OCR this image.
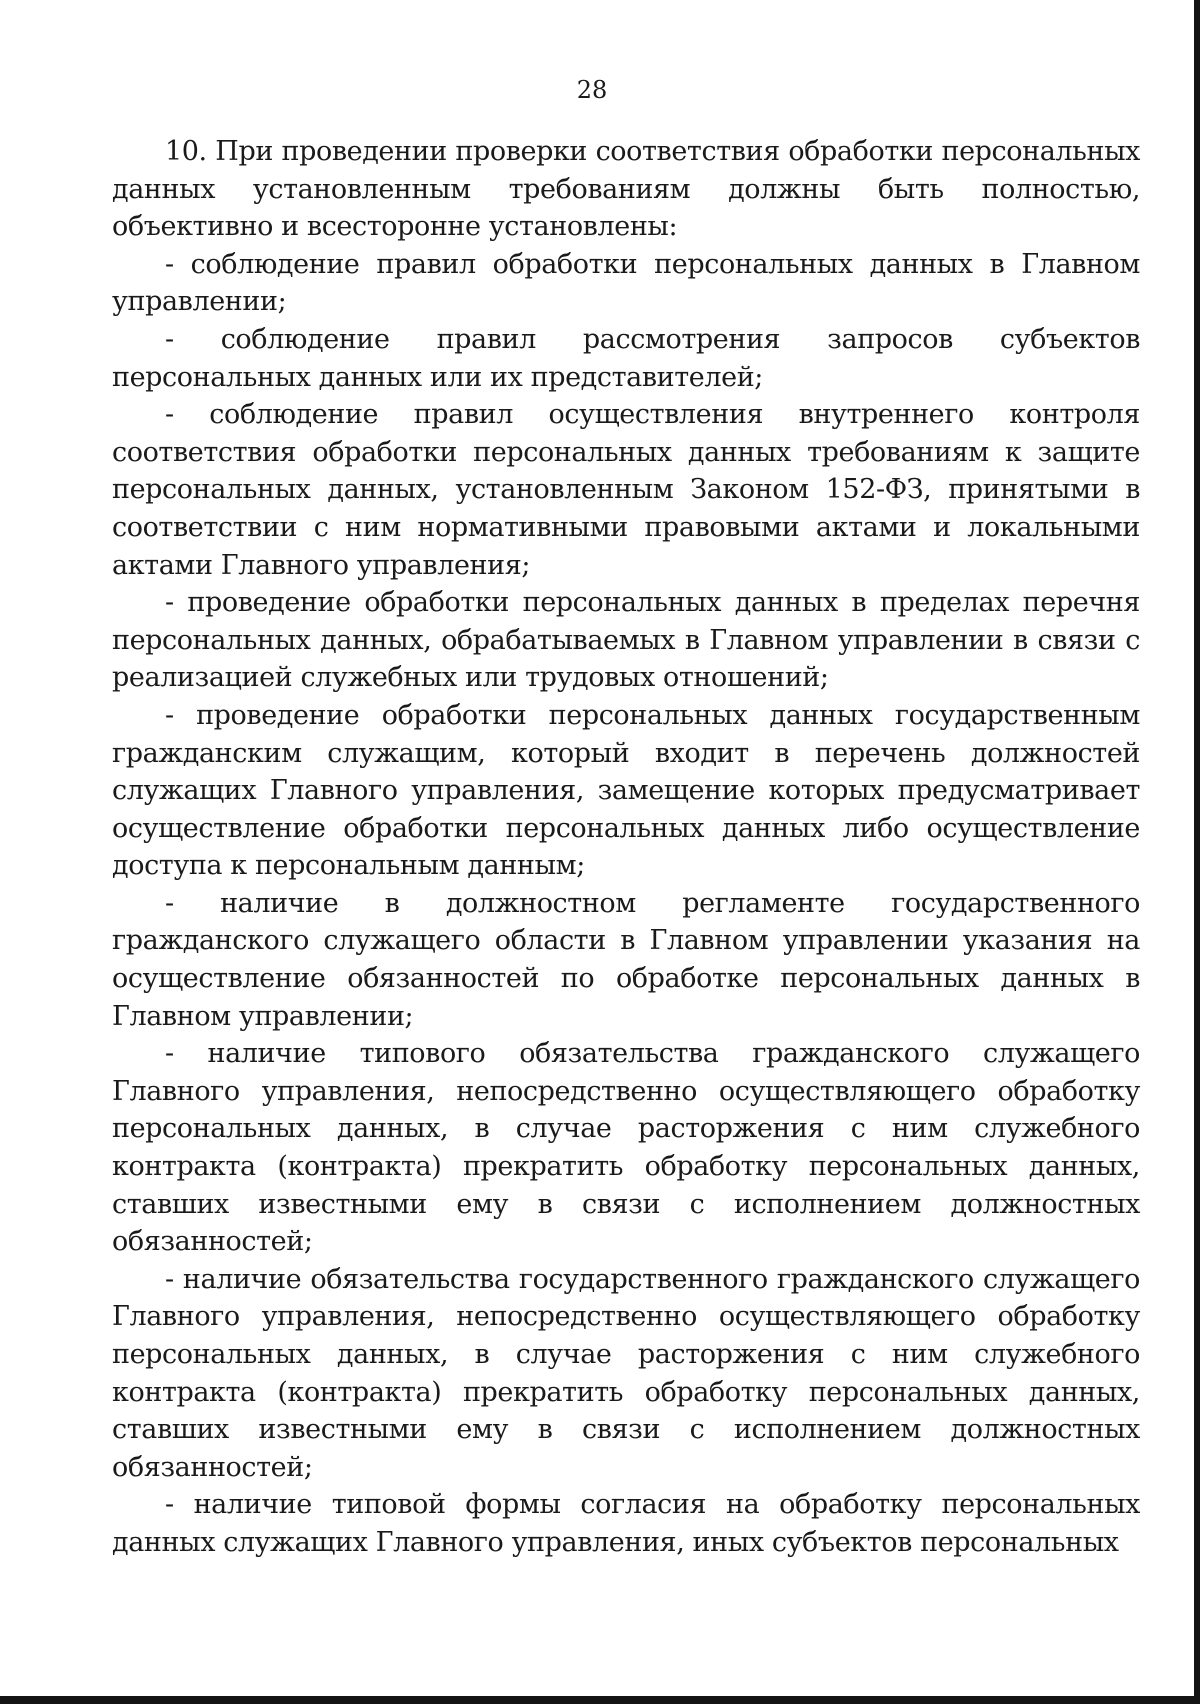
28

10. При проведении проверки соответствия обработки персональных данных установленным требованиям должны быть полностью, объективно и всесторонне установлены:

- соблюдение правил обработки персональных данных в Главном управлении;

- соблюдение правил рассмотрения запросов субъектов персональных данных или их представителей;

- соблюдение правил осуществления внутреннего контроля соответствия обработки персональных данных требованиям к защите персональных данных, установленным Законом 152-ФЗ, принятыми в соответствии с ним нормативными правовыми актами и локальными актами Главного управления;

- проведение обработки персональных данных в пределах перечня персональных данных, обрабатываемых в Главном управлении в связи с реализацией служебных или трудовых отношений;

- проведение обработки персональных данных государственным гражданским служащим, который входит в перечень должностей служащих Главного управления, замещение которых предусматривает осуществление обработки персональных данных либо осуществление доступа к персональным данным;

- наличие в должностном регламенте государственного гражданского служащего области в Главном управлении указания на осуществление обязанностей по обработке персональных данных в Главном управлении;

- наличие типового обязательства гражданского служащего Главного управления, непосредственно осуществляющего обработку персональных данных, в случае расторжения с ним служебного контракта (контракта) прекратить обработку персональных данных, ставших известными ему в связи с исполнением должностных обязанностей;

- наличие обязательства государственного гражданского служащего Главного управления, непосредственно осуществляющего обработку персональных данных, в случае расторжения с ним служебного контракта (контракта) прекратить обработку персональных данных, ставших известными ему в связи с исполнением должностных обязанностей;

- наличие типовой формы согласия на обработку персональных данных служащих Главного управления, иных субъектов персональных
